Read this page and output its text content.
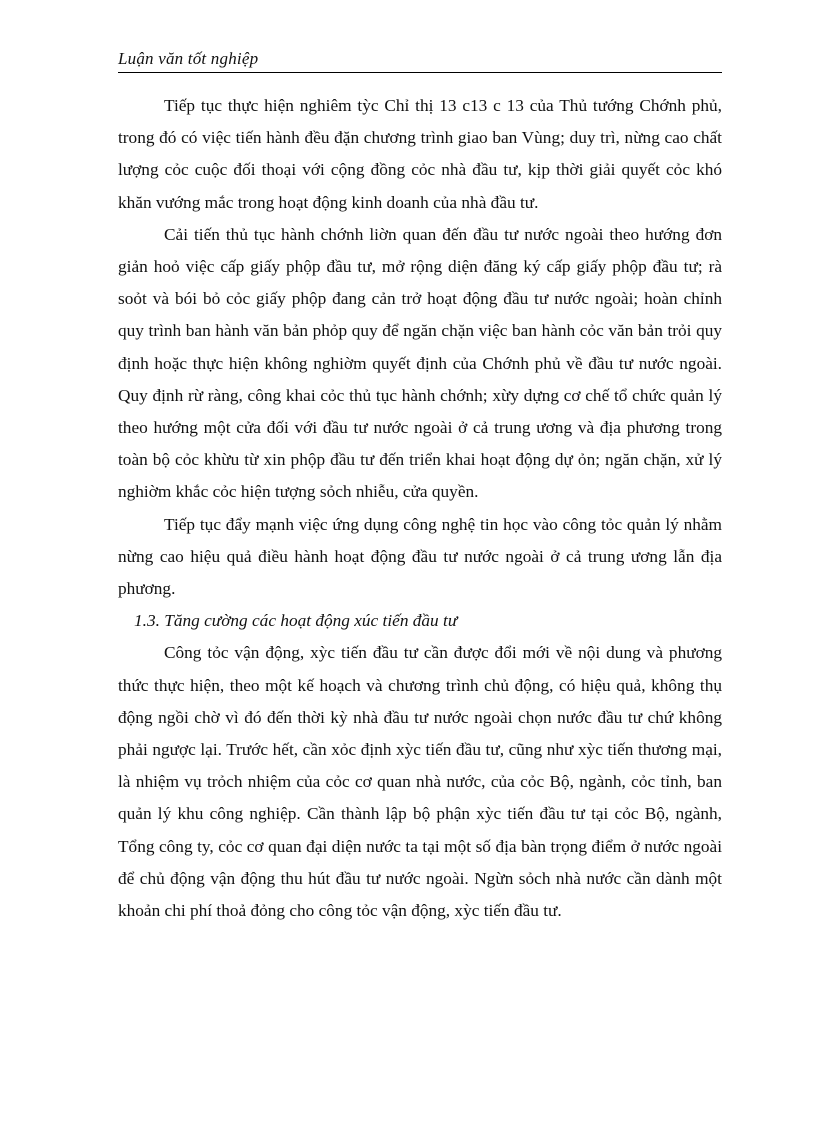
Luận văn tốt nghiệp

Tiếp tục thực hiện nghiêm tỳc Chỉ thị 13 c13 c 13 của Thủ tướng Chớnh phủ, trong đó có việc tiến hành đều đặn chương trình giao ban Vùng; duy trì, nừng cao chất lượng cỏc cuộc đối thoại với cộng đồng cỏc nhà đầu tư, kịp thời giải quyết cỏc khó khăn vướng mắc trong hoạt động kinh doanh của nhà đầu tư.

Cải tiến thủ tục hành chớnh liờn quan đến đầu tư nước ngoài theo hướng đơn giản hoỏ việc cấp giấy phộp đầu tư, mở rộng diện đăng ký cấp giấy phộp đầu tư; rà soỏt và bói bỏ cỏc giấy phộp đang cản trở hoạt động đầu tư nước ngoài; hoàn chỉnh quy trình ban hành văn bản phỏp quy để ngăn chặn việc ban hành cỏc văn bản trỏi quy định hoặc thực hiện không nghiờm quyết định của Chớnh phủ về đầu tư nước ngoài. Quy định rừ ràng, công khai cỏc thủ tục hành chớnh; xừy dựng cơ chế tổ chức quản lý theo hướng một cửa đối với đầu tư nước ngoài ở cả trung ương và địa phương trong toàn bộ cỏc khừu từ xin phộp đầu tư đến triển khai hoạt động dự ỏn; ngăn chặn, xử lý nghiờm khắc cỏc hiện tượng sỏch nhiễu, cửa quyền.

Tiếp tục đẩy mạnh việc ứng dụng công nghệ tin học vào công tỏc quản lý nhằm nừng cao hiệu quả điều hành hoạt động đầu tư nước ngoài ở cả trung ương lẫn địa phương.

1.3. Tăng cường các hoạt động xúc tiến đầu tư

Công tỏc vận động, xỳc tiến đầu tư cần được đổi mới về nội dung và phương thức thực hiện, theo một kế hoạch và chương trình chủ động, có hiệu quả, không thụ động ngồi chờ vì đó đến thời kỳ nhà đầu tư nước ngoài chọn nước đầu tư chứ không phải ngược lại. Trước hết, cần xỏc định xỳc tiến đầu tư, cũng như xỳc tiến thương mại, là nhiệm vụ trỏch nhiệm của cỏc cơ quan nhà nước, của cỏc Bộ, ngành, cỏc tỉnh, ban quản lý khu công nghiệp. Cần thành lập bộ phận xỳc tiến đầu tư tại cỏc Bộ, ngành, Tổng công ty, cỏc cơ quan đại diện nước ta tại một số địa bàn trọng điểm ở nước ngoài để chủ động vận động thu hút đầu tư nước ngoài. Ngừn sỏch nhà nước cần dành một khoản chi phí thoả đỏng cho công tỏc vận động, xỳc tiến đầu tư.
